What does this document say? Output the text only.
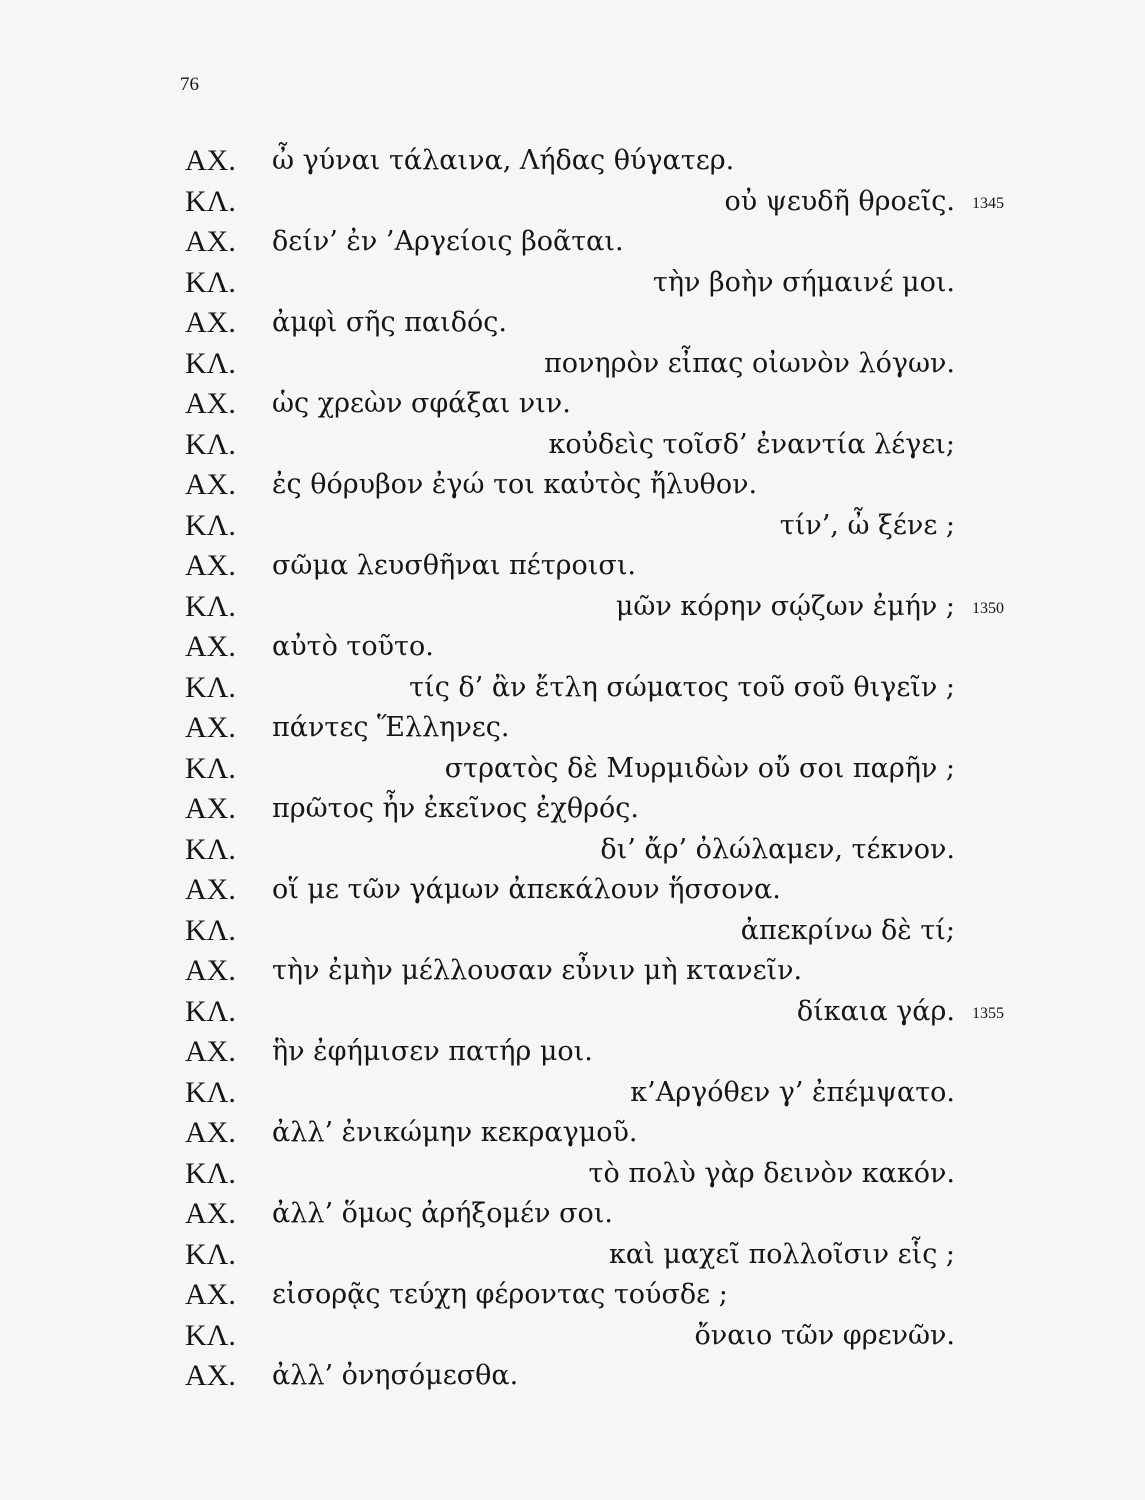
76
ΑΧ. ὦ γύναι τάλαινα, Λήδας θύγατερ.
ΚΛ.	οὐ ψευδῆ θροεῖς. 1345
ΑΧ. δείν’ ἐν ’Αργείοις βοᾶται.
ΚΛ.	τὴν βοὴν σήμαινέ μοι.
ΑΧ. ἀμφὶ σῆς παιδός.
ΚΛ.	πονηρὸν εἶπας οἰωνὸν λόγων.
ΑΧ. ὡς χρεὼν σφάξαι νιν.
ΚΛ.	κοὐδεὶς τοῖσδ’ ἐναντία λέγει;
ΑΧ. ἐς θόρυβον ἐγώ τοι καὐτὸς ἤλυθον.
ΚΛ.	τίν’, ὦ ξένε ;
ΑΧ. σῶμα λευσθῆναι πέτροισι.
ΚΛ.	μῶν κόρην σῴζων ἐμήν ; 1350
ΑΧ. αὐτὸ τοῦτο.
ΚΛ.	τίς δ’ ἂν ἔτλη σώματος τοῦ σοῦ θιγεῖν ;
ΑΧ. πάντες Ἕλληνες.
ΚΛ.	στρατὸς δὲ Μυρμιδὼν οὔ σοι παρῆν ;
ΑΧ. πρῶτος ἦν ἐκεῖνος ἐχθρός.
ΚΛ.	δι’ ἄρ’ ὀλώλαμεν, τέκνον.
ΑΧ. οἵ με τῶν γάμων ἀπεκάλουν ἥσσονα.
ΚΛ.	ἀπεκρίνω δὲ τί;
ΑΧ. τὴν ἐμὴν μέλλουσαν εὖνιν μὴ κτανεῖν.
ΚΛ.	δίκαια γάρ. 1355
ΑΧ. ἣν ἐφήμισεν πατήρ μοι.
ΚΛ.	κ’Αργόθεν γ’ ἐπέμψατο.
ΑΧ. ἀλλ’ ἐνικώμην κεκραγμοῦ.
ΚΛ.	τὸ πολὺ γὰρ δεινὸν κακόν.
ΑΧ. ἀλλ’ ὅμως ἀρήξομέν σοι.
ΚΛ.	καὶ μαχεῖ πολλοῖσιν εἷς ;
ΑΧ. εἰσορᾷς τεύχη φέροντας τούσδε ;
ΚΛ.	ὄναιο τῶν φρενῶν.
ΑΧ. ἀλλ’ ὀνησόμεσθα.
